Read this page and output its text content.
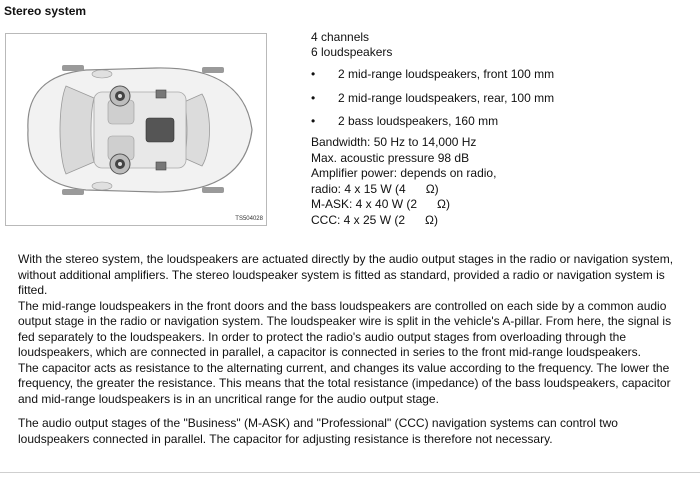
Stereo system
TS504028
4 channels
6 loudspeakers
• 2 mid-range loudspeakers, front 100 mm
• 2 mid-range loudspeakers, rear, 100 mm
• 2 bass loudspeakers, 160 mm
Bandwidth: 50 Hz to 14,000 Hz
Max. acoustic pressure 98 dB
Amplifier power: depends on radio,
radio: 4 x 15 W (4      Ω)
M-ASK: 4 x 40 W (2      Ω)
CCC: 4 x 25 W (2      Ω)

With the stereo system, the loudspeakers are actuated directly by the audio output stages in the radio or navigation system, without additional amplifiers. The stereo loudspeaker system is fitted as standard, provided a radio or navigation system is fitted.

The mid-range loudspeakers in the front doors and the bass loudspeakers are controlled on each side by a common audio output stage in the radio or navigation system. The loudspeaker wire is split in the vehicle's A-pillar. From here, the signal is fed separately to the loudspeakers. In order to protect the radio's audio output stages from overloading through the loudspeakers, which are connected in parallel, a capacitor is connected in series to the front mid-range loudspeakers.

The capacitor acts as resistance to the alternating current, and changes its value according to the frequency. The lower the frequency, the greater the resistance. This means that the total resistance (impedance) of the bass loudspeakers, capacitor and mid-range loudspeakers is in an uncritical range for the audio output stage.

The audio output stages of the "Business" (M-ASK) and "Professional" (CCC) navigation systems can control two loudspeakers connected in parallel. The capacitor for adjusting resistance is therefore not necessary.
